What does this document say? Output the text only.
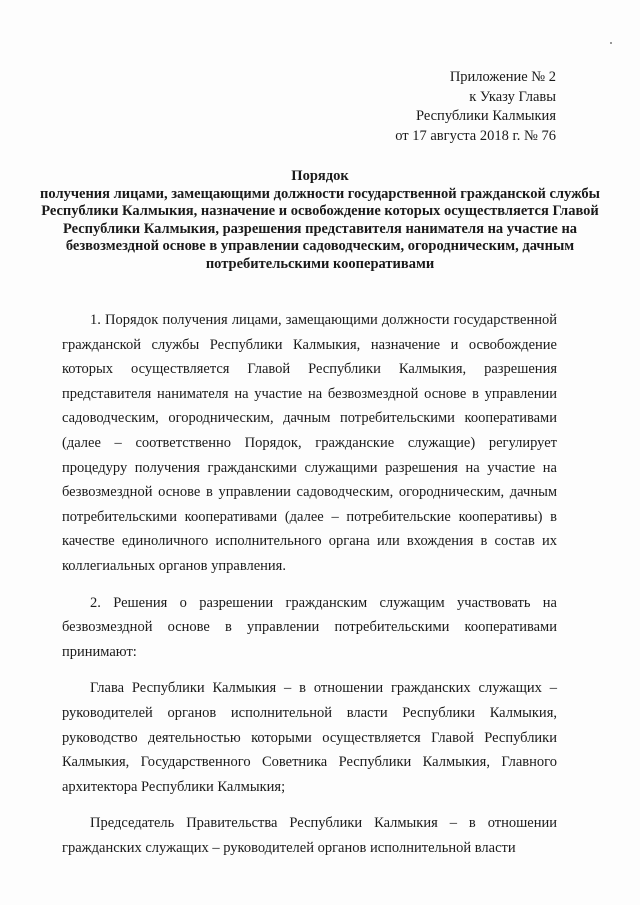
Приложение № 2
к Указу Главы
Республики Калмыкия
от 17 августа 2018 г. № 76
Порядок
получения лицами, замещающими должности государственной гражданской службы Республики Калмыкия, назначение и освобождение которых осуществляется Главой Республики Калмыкия, разрешения представителя нанимателя на участие на безвозмездной основе в управлении садоводческим, огородническим, дачным потребительскими кооперативами

1. Порядок получения лицами, замещающими должности государственной гражданской службы Республики Калмыкия, назначение и освобождение которых осуществляется Главой Республики Калмыкия, разрешения представителя нанимателя на участие на безвозмездной основе в управлении садоводческим, огородническим, дачным потребительскими кооперативами (далее – соответственно Порядок, гражданские служащие) регулирует процедуру получения гражданскими служащими разрешения на участие на безвозмездной основе в управлении садоводческим, огородническим, дачным потребительскими кооперативами (далее – потребительские кооперативы) в качестве единоличного исполнительного органа или вхождения в состав их коллегиальных органов управления.

2. Решения о разрешении гражданским служащим участвовать на безвозмездной основе в управлении потребительскими кооперативами принимают:

Глава Республики Калмыкия – в отношении гражданских служащих – руководителей органов исполнительной власти Республики Калмыкия, руководство деятельностью которыми осуществляется Главой Республики Калмыкия, Государственного Советника Республики Калмыкия, Главного архитектора Республики Калмыкия;

Председатель Правительства Республики Калмыкия – в отношении гражданских служащих – руководителей органов исполнительной власти
